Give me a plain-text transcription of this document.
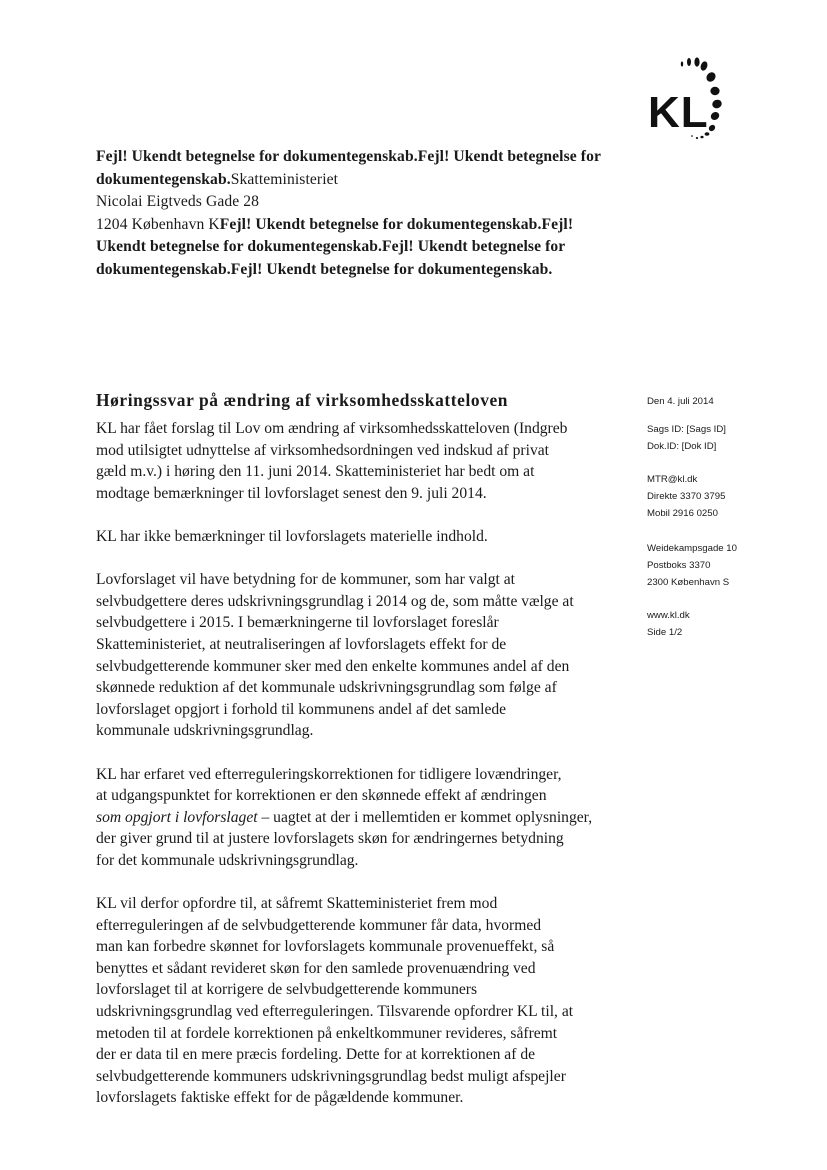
KL
Fejl! Ukendt betegnelse for dokumentegenskab.Fejl! Ukendt betegnelse for
dokumentegenskab.Skatteministeriet
Nicolai Eigtveds Gade 28
1204 København KFejl! Ukendt betegnelse for dokumentegenskab.Fejl!
Ukendt betegnelse for dokumentegenskab.Fejl! Ukendt betegnelse for
dokumentegenskab.Fejl! Ukendt betegnelse for dokumentegenskab.
Høringssvar på ændring af virksomhedsskatteloven

KL har fået forslag til Lov om ændring af virksomhedsskatteloven (Indgreb
mod utilsigtet udnyttelse af virksomhedsordningen ved indskud af privat
gæld m.v.) i høring den 11. juni 2014. Skatteministeriet har bedt om at
modtage bemærkninger til lovforslaget senest den 9. juli 2014.

KL har ikke bemærkninger til lovforslagets materielle indhold.

Lovforslaget vil have betydning for de kommuner, som har valgt at
selvbudgettere deres udskrivningsgrundlag i 2014 og de, som måtte vælge at
selvbudgettere i 2015. I bemærkningerne til lovforslaget foreslår
Skatteministeriet, at neutraliseringen af lovforslagets effekt for de
selvbudgetterende kommuner sker med den enkelte kommunes andel af den
skønnede reduktion af det kommunale udskrivningsgrundlag som følge af
lovforslaget opgjort i forhold til kommunens andel af det samlede
kommunale udskrivningsgrundlag.

KL har erfaret ved efterreguleringskorrektionen for tidligere lovændringer,
at udgangspunktet for korrektionen er den skønnede effekt af ændringen
som opgjort i lovforslaget – uagtet at der i mellemtiden er kommet oplysninger,
der giver grund til at justere lovforslagets skøn for ændringernes betydning
for det kommunale udskrivningsgrundlag.

KL vil derfor opfordre til, at såfremt Skatteministeriet frem mod
efterreguleringen af de selvbudgetterende kommuner får data, hvormed
man kan forbedre skønnet for lovforslagets kommunale provenueffekt, så
benyttes et sådant revideret skøn for den samlede provenuændring ved
lovforslaget til at korrigere de selvbudgetterende kommuners
udskrivningsgrundlag ved efterreguleringen. Tilsvarende opfordrer KL til, at
metoden til at fordele korrektionen på enkeltkommuner revideres, såfremt
der er data til en mere præcis fordeling. Dette for at korrektionen af de
selvbudgetterende kommuners udskrivningsgrundlag bedst muligt afspejler
lovforslagets faktiske effekt for de pågældende kommuner.

Den 4. juli 2014
Sags ID: [Sags ID]
Dok.ID: [Dok ID]
MTR@kl.dk
Direkte 3370 3795
Mobil 2916 0250
Weidekampsgade 10
Postboks 3370
2300 København S
www.kl.dk
Side 1/2
